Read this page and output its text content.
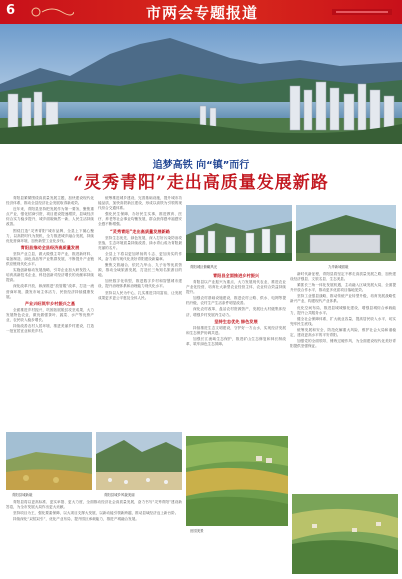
6	市两会专题报道
追梦高铁 向“镇”而行
“灵秀青阳”走出高质量发展新路
青阳城区俯瞰风光	九华新城面貌

青阳县紧紧围绕高质量发展主题，加快建设现代化经济体系，推动全县经济社会发展取得新成效。

近年来，青阳县坚持把发展作为第一要务，聚焦重点产业，强化招商引资，项目建设提速增效，县域经济综合实力稳步提升，城乡面貌焕然一新，人民生活持续改善。

围绕打造“灵秀青阳”城市品牌，全县上下凝心聚力，以高铁时代为契机，全力推进城乡融合发展，持续优化营商环境，加快新型工业化步伐。

青阳县推动全县经济高质量发展

坚持产业立县，做大做强主导产业，推进新材料、装备制造、绿色食品等产业集群发展，不断提升产业链供应链现代化水平。

实施创新驱动发展战略，引导企业加大研发投入，培育高新技术企业，科技创新对经济增长的贡献率持续提高。

深化改革开放，纵深推进“放管服”改革，打造一流营商环境，激发市场主体活力，民营经济持续健康发展。

产业兴旺筑牢乡村振兴之基

全面推进乡村振兴，巩固拓展脱贫攻坚成果，大力发展特色农业，做优做强茶叶、蔬菜、水产等优势产业，农民收入稳步增长。

持续改善农村人居环境，推进美丽乡村建设，打造一批宜居宜业和美乡村。

统筹推进城乡建设，完善基础设施，提升城市功能品质，加快高铁新区建设，形成以高铁为引领的现代综合交通体系。

强化民生保障，办好民生实事，推进教育、医疗、养老等社会事业均衡发展，群众获得感幸福感安全感不断增强。

“灵秀青阳”走出高质量发展新路

坚持生态优先、绿色发展，深入打好污染防治攻坚战，生态环境质量持续改善，绿水青山成为青阳最亮丽的名片。

全县上下将以更加昂扬的斗志、更加务实的作风，奋力谱写现代化美好青阳建设新篇章。

聚焦文旅融合，依托九华山、九子岩等优质资源，推动全域旅游发展，打造长三角知名旅游目的地。

加快数字化转型，推进数字乡村和智慧城市建设，提升治理体系和治理能力现代化水平。

坚持以人民为中心，扎实推进共同富裕，让发展成果更多更公平惠及全体人民。

青阳县全面推进乡村振兴

青阳县以产业振兴为重点，大力发展现代农业，推进农业产业化经营，培育壮大新型农业经营主体，农业综合效益持续提升。

加强农村基础设施建设，推进农村公路、供水、电网等提档升级，农村生产生活条件明显改善。

深化农村改革，盘活农村资源资产，发展壮大村级集体经济，增强乡村发展内生动力。

坚持生态优先 绿色发展

持续推进生态文明建设，守护好一方山水，实现经济发展和生态保护协调共进。

加强长江流域生态保护，推进矿山生态修复和林长制改革，筑牢绿色生态屏障。

新时代新征程，青阳县将坚定不移走高质量发展之路，加快建设经济强县、文旅名县、生态美县。

紧抓长三角一体化发展机遇，主动融入区域发展大局，全面提升开放合作水平，推动更多优质项目落地见效。

坚持工业强县战略，推动传统产业转型升级，培育发展战略性新兴产业，构建现代产业体系。

优化空间布局，推进县城城镇化建设，增强县城综合承载能力，提升公共服务水平。

健全社会保障体系，扩大就业容量，提高居民收入水平，切实兜牢民生底线。

统筹发展和安全，防范化解重大风险，维护社会大局和谐稳定，建设更高水平的平安青阳。

加强党的全面领导，锤炼过硬作风，为全面建设现代化美好青阳提供坚强保证。

青阳县城新貌	青阳县城乡风貌美丽
田园美景

青阳县将以更高标准、更实举措、更大力度，全面推动经济社会高质量发展，奋力书写“灵秀青阳”建设新答卷，为全市发展大局作出更大贡献。

坚持项目为王，强化要素保障，以大项目支撑大发展，以新动能引领新跨越，推动县域经济迈上新台阶。

持续深化“双招双引”，优化产业布局，提升园区承载能力，推进产城融合发展。
